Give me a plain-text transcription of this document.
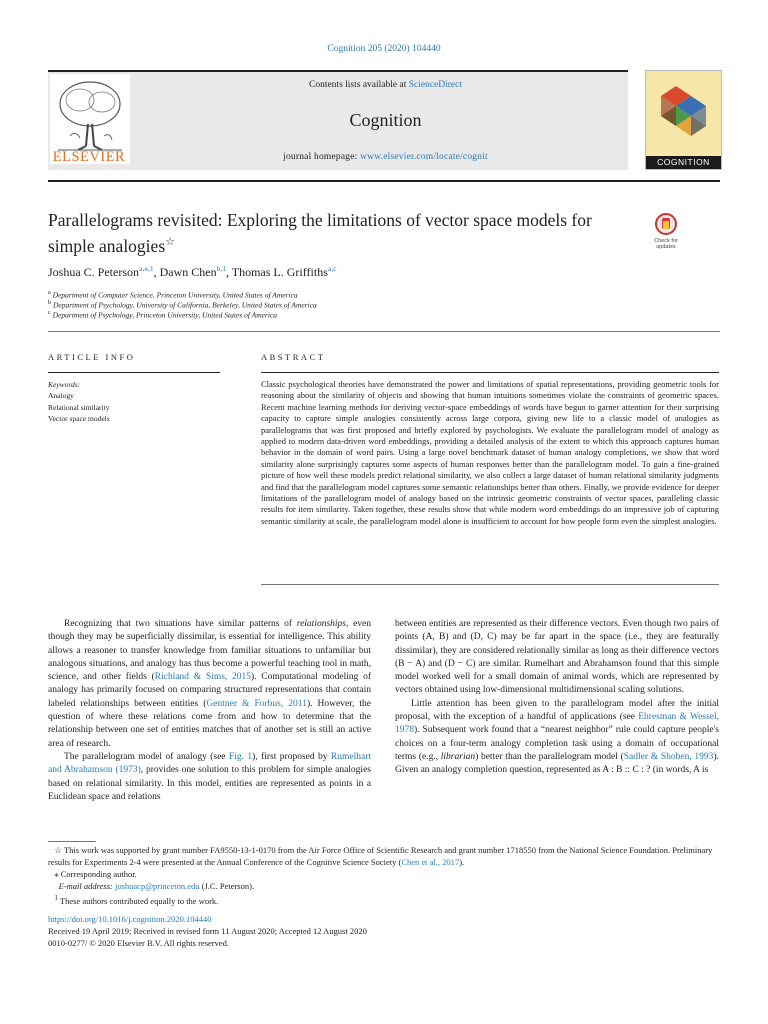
Cognition 205 (2020) 104440
Contents lists available at ScienceDirect
Cognition
journal homepage: www.elsevier.com/locate/cognit
ELSEVIER	COGNITION
Parallelograms revisited: Exploring the limitations of vector space models for simple analogies☆	Check for updates
Joshua C. Peterson$^{a,⁎,1}$, Dawn Chen$^{b,1}$, Thomas L. Griffiths$^{a,c}$
$^a$ Department of Computer Science, Princeton University, United States of America
$^b$ Department of Psychology, University of California, Berkeley, United States of America
$^c$ Department of Psychology, Princeton University, United States of America
ARTICLE INFO	ABSTRACT
Keywords:
Analogy
Relational similarity
Vector space models
Classic psychological theories have demonstrated the power and limitations of spatial representations, providing geometric tools for reasoning about the similarity of objects and showing that human intuitions sometimes violate the constraints of geometric spaces. Recent machine learning methods for deriving vector-space embeddings of words have begun to garner attention for their surprising capacity to capture simple analogies consistently across large corpora, giving new life to a classic model of analogies as parallelograms that was first proposed and briefly explored by psychologists. We evaluate the parallelogram model of analogy as applied to modern data-driven word embeddings, providing a detailed analysis of the extent to which this approach captures human behavior in the domain of word pairs. Using a large novel benchmark dataset of human analogy completions, we show that word similarity alone surprisingly captures some aspects of human responses better than the parallelogram model. To gain a fine-grained picture of how well these models predict relational similarity, we also collect a large dataset of human relational similarity judgments and find that the parallelogram model captures some semantic relationships better than others. Finally, we provide evidence for deeper limitations of the parallelogram model of analogy based on the intrinsic geometric constraints of vector spaces, paralleling classic results for item similarity. Taken together, these results show that while modern word embeddings do an impressive job of capturing semantic similarity at scale, the parallelogram model alone is insufficient to account for how people form even the simplest analogies.

Recognizing that two situations have similar patterns of relationships, even though they may be superficially dissimilar, is essential for intelligence. This ability allows a reasoner to transfer knowledge from familiar situations to unfamiliar but analogous situations, and analogy has thus become a powerful teaching tool in math, science, and other fields (Richland & Sims, 2015). Computational modeling of analogy has primarily focused on comparing structured representations that contain labeled relationships between entities (Gentner & Forbus, 2011). However, the question of where these relations come from and how to determine that the relationship between one set of entities matches that of another set is still an active area of research.

The parallelogram model of analogy (see Fig. 1), first proposed by Rumelhart and Abrahamson (1973), provides one solution to this problem for simple analogies based on relational similarity. In this model, entities are represented as points in a Euclidean space and relations

between entities are represented as their difference vectors. Even though two pairs of points (A, B) and (D, C) may be far apart in the space (i.e., they are featurally dissimilar), they are considered relationally similar as long as their difference vectors (B − A) and (D − C) are similar. Rumelhart and Abrahamson found that this simple model worked well for a small domain of animal words, which are represented by vectors obtained using low-dimensional multidimensional scaling solutions.

Little attention has been given to the parallelogram model after the initial proposal, with the exception of a handful of applications (see Ehresman & Wessel, 1978). Subsequent work found that a “nearest neighbor” rule could capture people's choices on a four-term analogy completion task using a domain of occupational terms (e.g., librarian) better than the parallelogram model (Sadler & Shoben, 1993). Given an analogy completion question, represented as A : B :: C : ? (in words, A is

☆ This work was supported by grant number FA9550-13-1-0170 from the Air Force Office of Scientific Research and grant number 1718550 from the National Science Foundation. Preliminary results for Experiments 2-4 were presented at the Annual Conference of the Cognitive Science Society (Chen et al., 2017).
⁎ Corresponding author.
E-mail address: joshuacp@princeton.edu (J.C. Peterson).
$^1$ These authors contributed equally to the work.
https://doi.org/10.1016/j.cognition.2020.104440
Received 19 April 2019; Received in revised form 11 August 2020; Accepted 12 August 2020
0010-0277/ © 2020 Elsevier B.V. All rights reserved.
